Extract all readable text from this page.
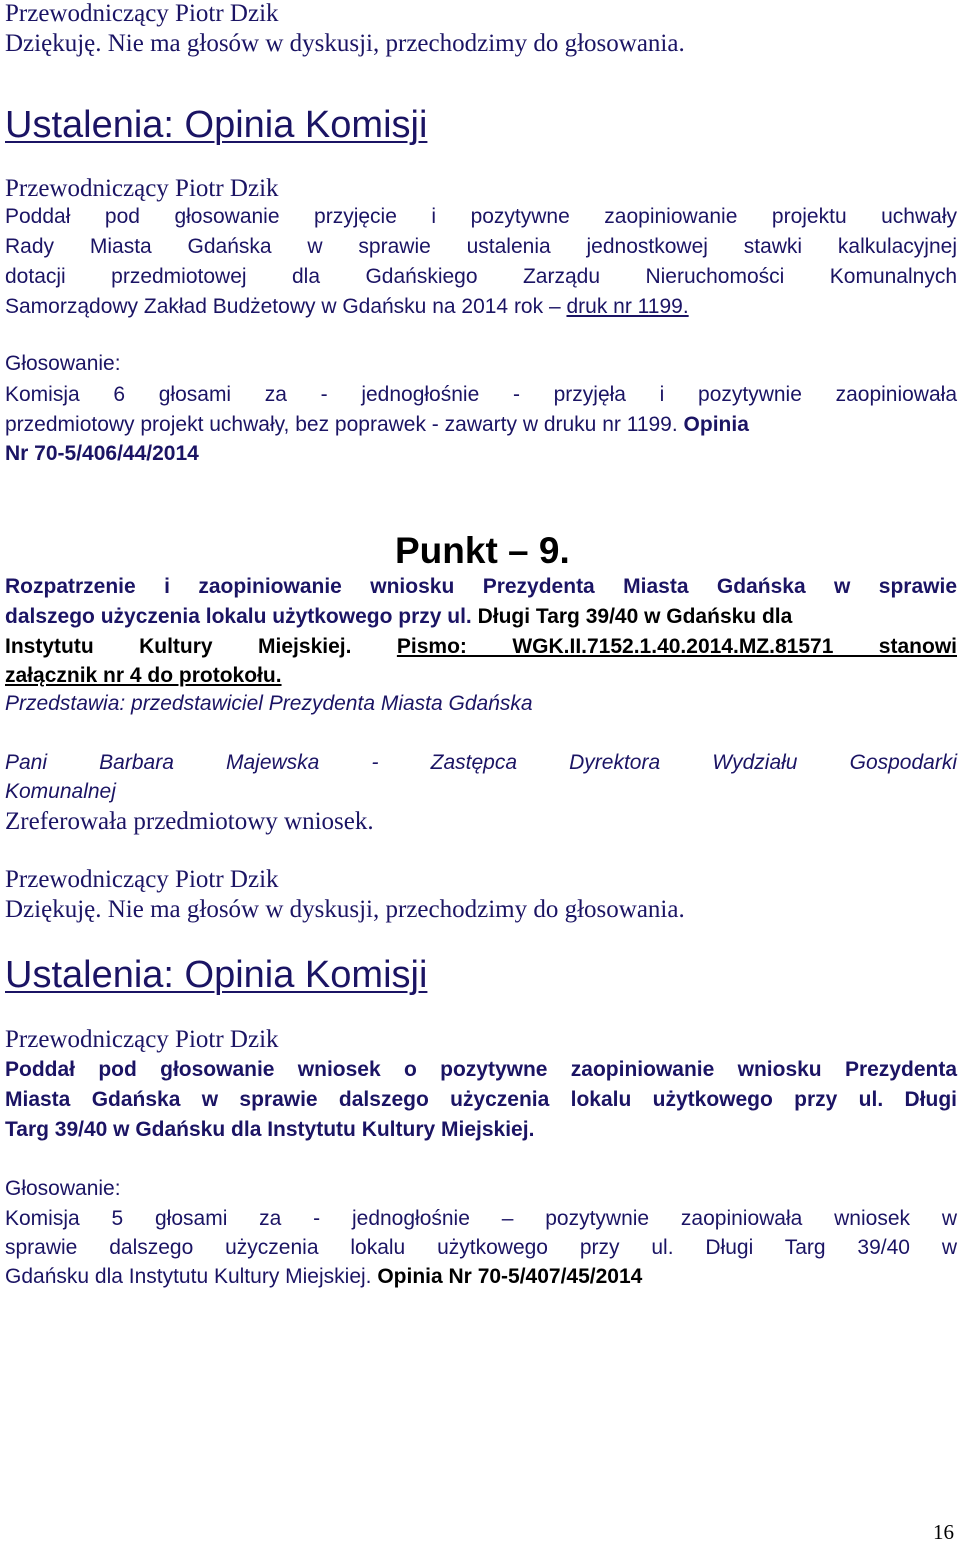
Przewodniczący Piotr Dzik
Dziękuję. Nie ma głosów w dyskusji, przechodzimy do głosowania.
Ustalenia: Opinia Komisji
Przewodniczący Piotr Dzik
Poddał pod głosowanie przyjęcie i pozytywne zaopiniowanie projektu uchwały
Rady Miasta Gdańska w sprawie ustalenia jednostkowej stawki kalkulacyjnej
dotacji przedmiotowej dla Gdańskiego Zarządu Nieruchomości Komunalnych
Samorządowy Zakład Budżetowy w Gdańsku na 2014 rok – druk nr 1199.
Głosowanie:
Komisja 6 głosami za - jednogłośnie - przyjęła i pozytywnie zaopiniowała
przedmiotowy projekt uchwały, bez poprawek - zawarty w druku nr 1199. Opinia
Nr 70-5/406/44/2014
Punkt – 9.
Rozpatrzenie i zaopiniowanie wniosku Prezydenta Miasta Gdańska w sprawie
dalszego użyczenia lokalu użytkowego przy ul. Długi Targ 39/40 w Gdańsku dla
Instytutu Kultury Miejskiej. Pismo: WGK.II.7152.1.40.2014.MZ.81571 stanowi
załącznik nr 4 do protokołu.
Przedstawia: przedstawiciel Prezydenta Miasta Gdańska
Pani Barbara Majewska - Zastępca Dyrektora Wydziału Gospodarki
Komunalnej
Zreferowała przedmiotowy wniosek.
Przewodniczący Piotr Dzik
Dziękuję. Nie ma głosów w dyskusji, przechodzimy do głosowania.
Ustalenia: Opinia Komisji
Przewodniczący Piotr Dzik
Poddał pod głosowanie wniosek o pozytywne zaopiniowanie wniosku Prezydenta
Miasta Gdańska w sprawie dalszego użyczenia lokalu użytkowego przy ul. Długi
Targ 39/40 w Gdańsku dla Instytutu Kultury Miejskiej.
Głosowanie:
Komisja 5 głosami za - jednogłośnie – pozytywnie zaopiniowała wniosek w
sprawie dalszego użyczenia lokalu użytkowego przy ul. Długi Targ 39/40 w
Gdańsku dla Instytutu Kultury Miejskiej. Opinia Nr 70-5/407/45/2014
16
